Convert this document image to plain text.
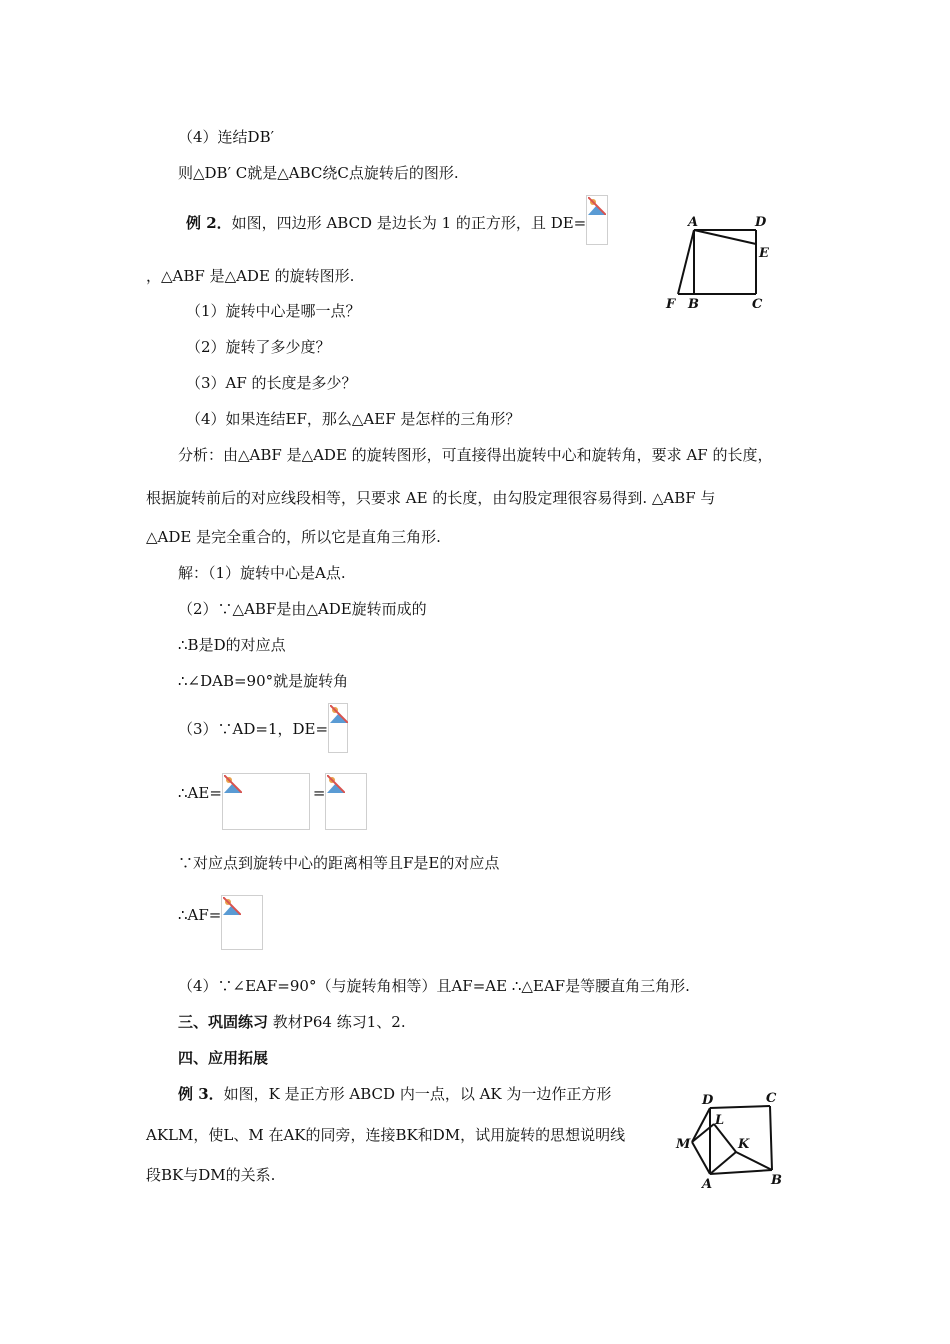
（4）连结DB′
则△DB′ C就是△ABC绕C点旋转后的图形.
例 2．如图，四边形 ABCD 是边长为 1 的正方形，且 DE=
，△ABF 是△ADE 的旋转图形.
A	D
E
F B	C
（1）旋转中心是哪一点？
（2）旋转了多少度？
（3）AF 的长度是多少？
（4）如果连结EF，那么△AEF 是怎样的三角形？
分析：由△ABF 是△ADE 的旋转图形，可直接得出旋转中心和旋转角，要求 AF 的长度，
根据旋转前后的对应线段相等，只要求 AE 的长度，由勾股定理很容易得到. △ABF 与
△ADE 是完全重合的，所以它是直角三角形.
解：（1）旋转中心是A点.
（2）∵△ABF是由△ADE旋转而成的
∴B是D的对应点
∴∠DAB=90°就是旋转角
（3）∵AD=1，DE=
∴AE=	=
∵对应点到旋转中心的距离相等且F是E的对应点
∴AF=
（4）∵∠EAF=90°（与旋转角相等）且AF=AE ∴△EAF是等腰直角三角形.
三、巩固练习 教材P64 练习1、2.
四、应用拓展
例 3．如图，K 是正方形 ABCD 内一点，以 AK 为一边作正方形
AKLM，使L、M 在AK的同旁，连接BK和DM，试用旋转的思想说明线
段BK与DM的关系.
D	C
L
M	K
A	B
